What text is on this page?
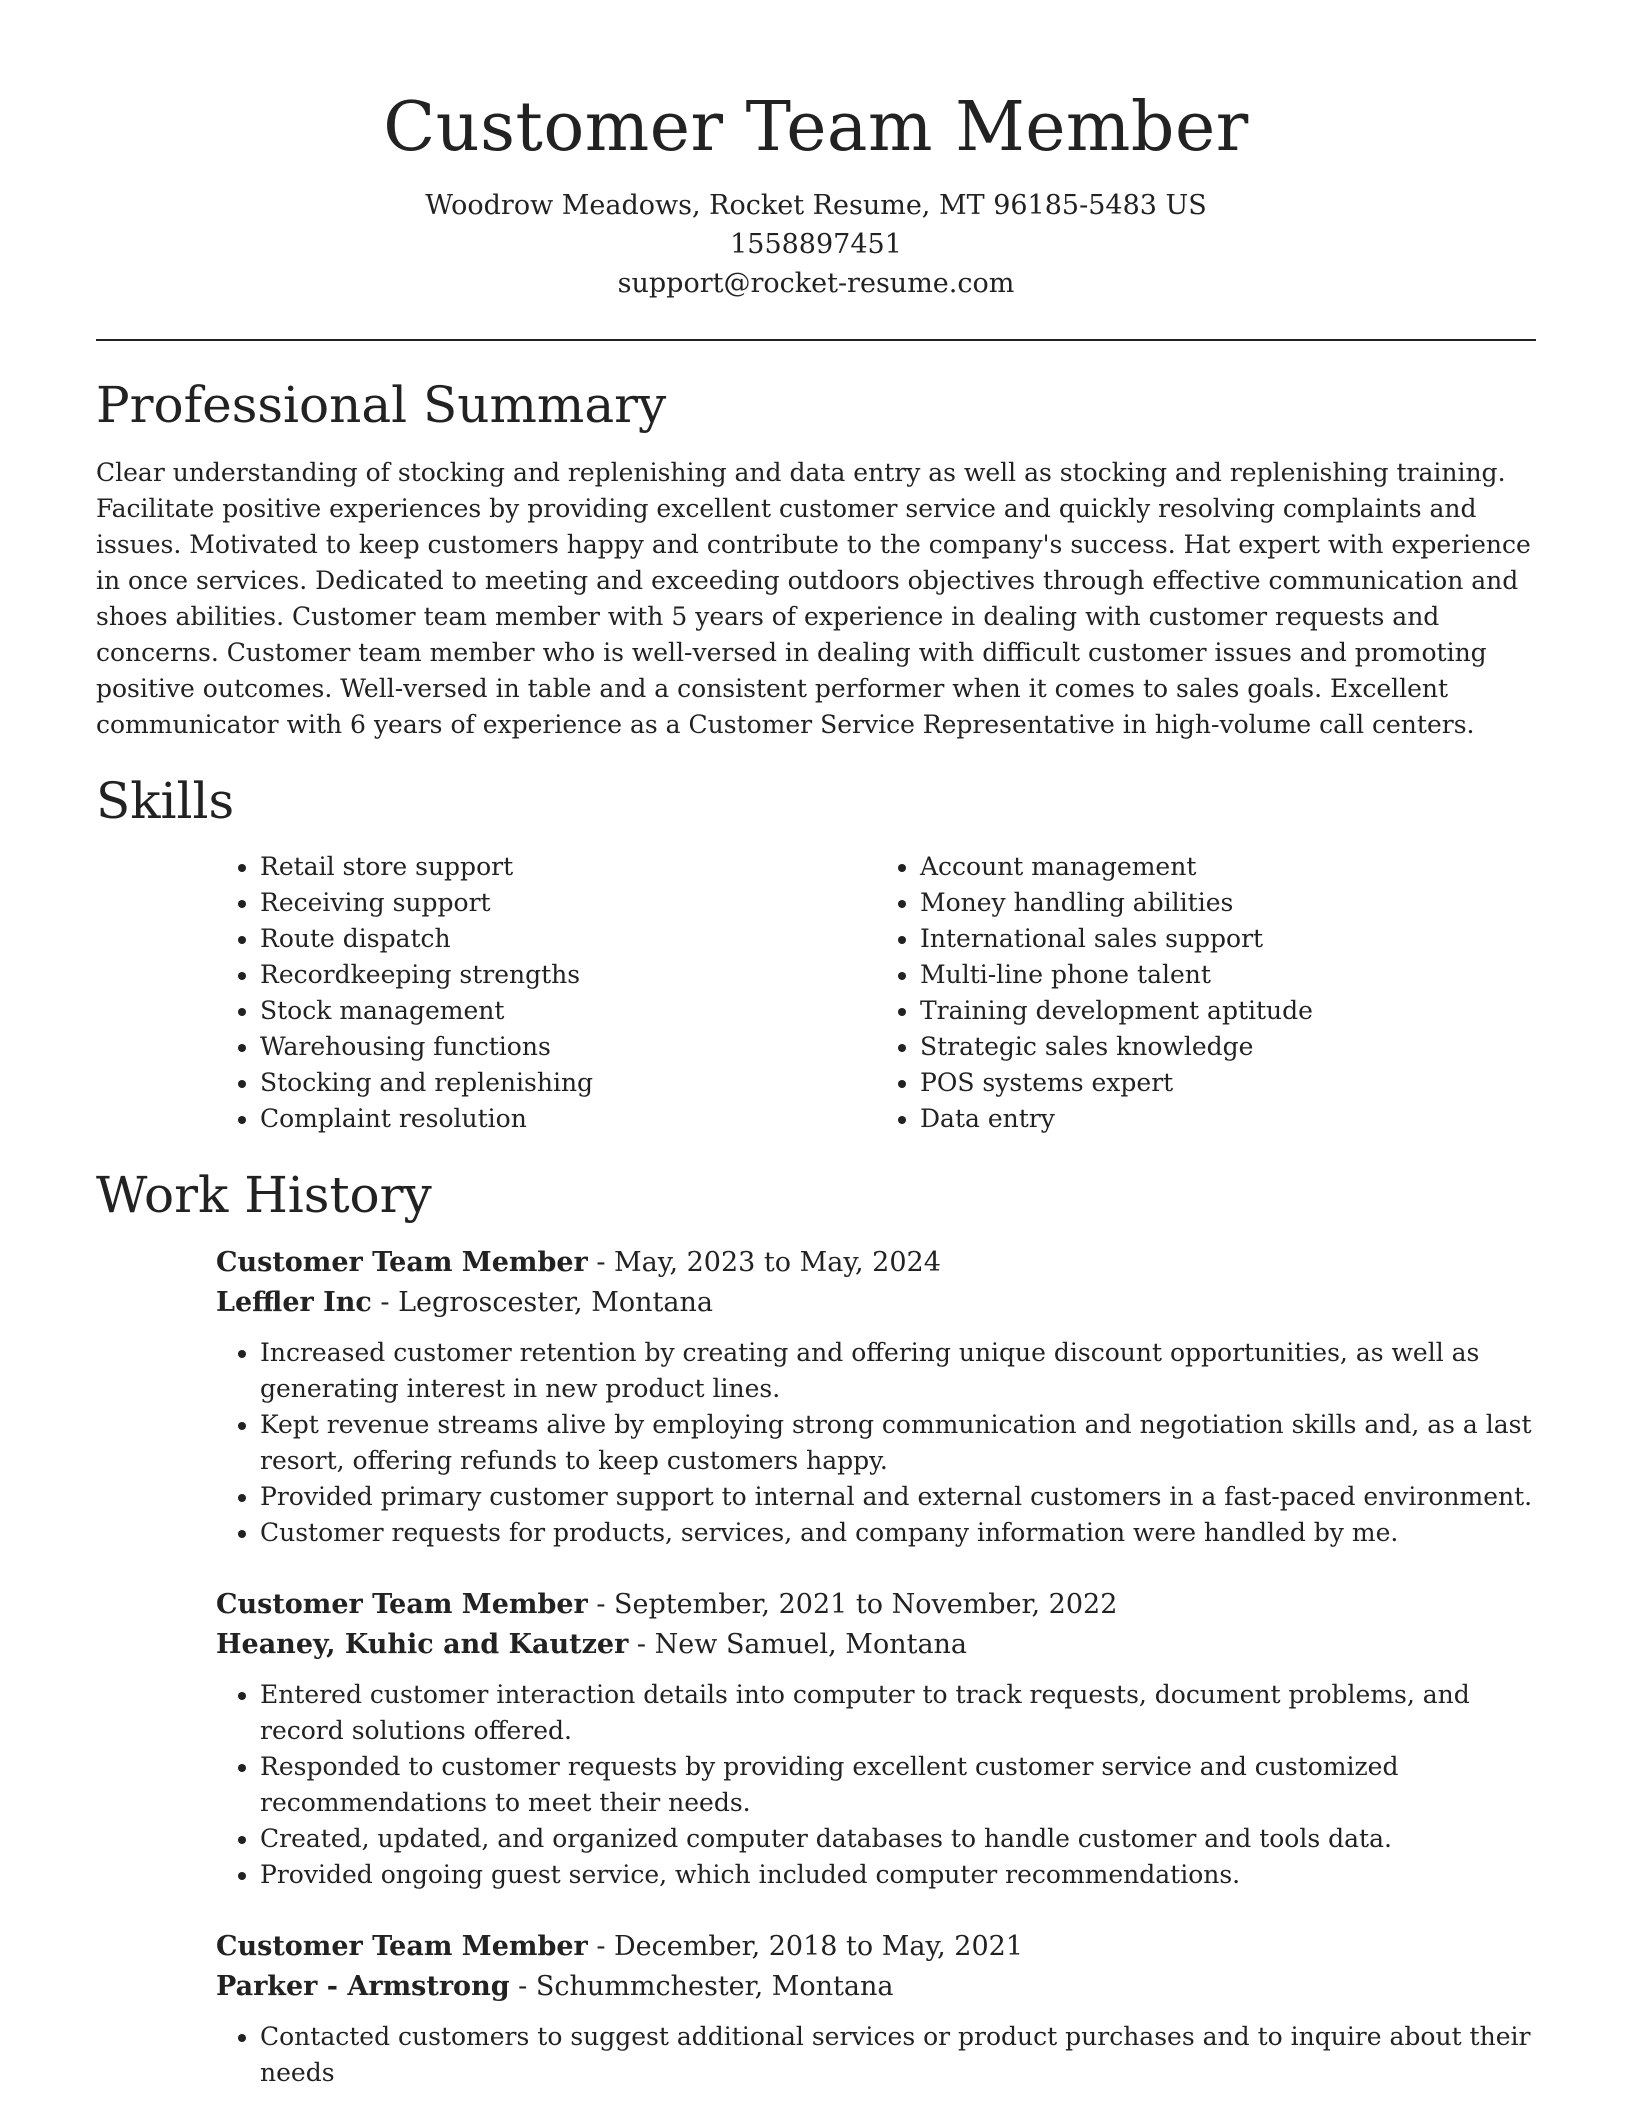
Customer Team Member
Woodrow Meadows, Rocket Resume, MT 96185-5483 US
1558897451
support@rocket-resume.com
Professional Summary

Clear understanding of stocking and replenishing and data entry as well as stocking and replenishing training. Facilitate positive experiences by providing excellent customer service and quickly resolving complaints and issues. Motivated to keep customers happy and contribute to the company's success. Hat expert with experience in once services. Dedicated to meeting and exceeding outdoors objectives through effective communication and shoes abilities. Customer team member with 5 years of experience in dealing with customer requests and concerns. Customer team member who is well-versed in dealing with difficult customer issues and promoting positive outcomes. Well-versed in table and a consistent performer when it comes to sales goals. Excellent communicator with 6 years of experience as a Customer Service Representative in high-volume call centers.

Skills
• Retail store support
• Receiving support
• Route dispatch
• Recordkeeping strengths
• Stock management
• Warehousing functions
• Stocking and replenishing
• Complaint resolution
• Account management
• Money handling abilities
• International sales support
• Multi-line phone talent
• Training development aptitude
• Strategic sales knowledge
• POS systems expert
• Data entry
Work History
Customer Team Member - May, 2023 to May, 2024
Leffler Inc - Legroscester, Montana
• Increased customer retention by creating and offering unique discount opportunities, as well as generating interest in new product lines.
• Kept revenue streams alive by employing strong communication and negotiation skills and, as a last resort, offering refunds to keep customers happy.
• Provided primary customer support to internal and external customers in a fast-paced environment.
• Customer requests for products, services, and company information were handled by me.
Customer Team Member - September, 2021 to November, 2022
Heaney, Kuhic and Kautzer - New Samuel, Montana
• Entered customer interaction details into computer to track requests, document problems, and record solutions offered.
• Responded to customer requests by providing excellent customer service and customized recommendations to meet their needs.
• Created, updated, and organized computer databases to handle customer and tools data.
• Provided ongoing guest service, which included computer recommendations.
Customer Team Member - December, 2018 to May, 2021
Parker - Armstrong - Schummchester, Montana
• Contacted customers to suggest additional services or product purchases and to inquire about their needs
